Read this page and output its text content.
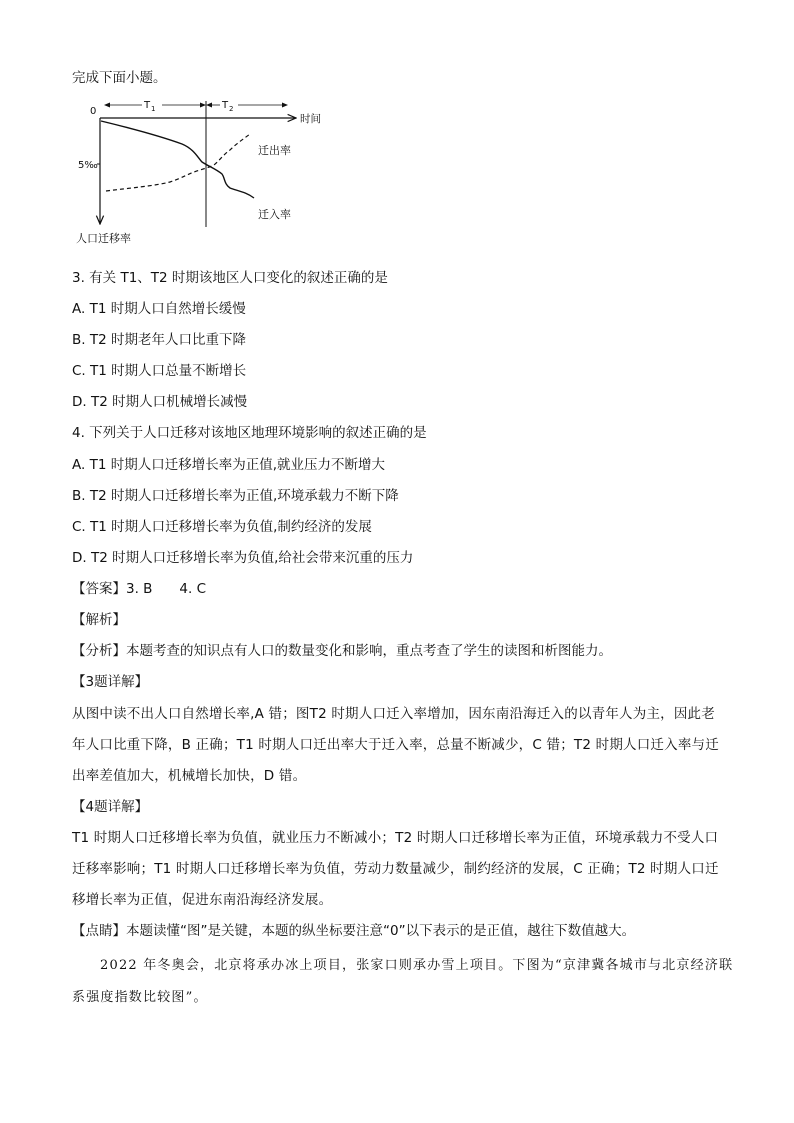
完成下面小题。
0
T 1	T 2
时间
5‰
迁出率
迁入率
人口迁移率
3. 有关 T1、T2 时期该地区人口变化的叙述正确的是
A. T1 时期人口自然增长缓慢
B. T2 时期老年人口比重下降
C. T1 时期人口总量不断增长
D. T2 时期人口机械增长减慢
4. 下列关于人口迁移对该地区地理环境影响的叙述正确的是
A. T1 时期人口迁移增长率为正值,就业压力不断增大
B. T2 时期人口迁移增长率为正值,环境承载力不断下降
C. T1 时期人口迁移增长率为负值,制约经济的发展
D. T2 时期人口迁移增长率为负值,给社会带来沉重的压力
【答案】3. B　　4. C
【解析】
【分析】本题考查的知识点有人口的数量变化和影响，重点考查了学生的读图和析图能力。
【3题详解】
从图中读不出人口自然增长率,A 错；图T2 时期人口迁入率增加，因东南沿海迁入的以青年人为主，因此老
年人口比重下降，B 正确；T1 时期人口迁出率大于迁入率，总量不断减少，C 错；T2 时期人口迁入率与迁
出率差值加大，机械增长加快，D 错。
【4题详解】
T1 时期人口迁移增长率为负值，就业压力不断减小；T2 时期人口迁移增长率为正值，环境承载力不受人口
迁移率影响；T1 时期人口迁移增长率为负值，劳动力数量减少，制约经济的发展，C 正确；T2 时期人口迁
移增长率为正值，促进东南沿海经济发展。
【点睛】本题读懂“图”是关键，本题的纵坐标要注意“0”以下表示的是正值，越往下数值越大。
2022 年冬奥会，北京将承办冰上项目，张家口则承办雪上项目。下图为“京津冀各城市与北京经济联
系强度指数比较图”。
